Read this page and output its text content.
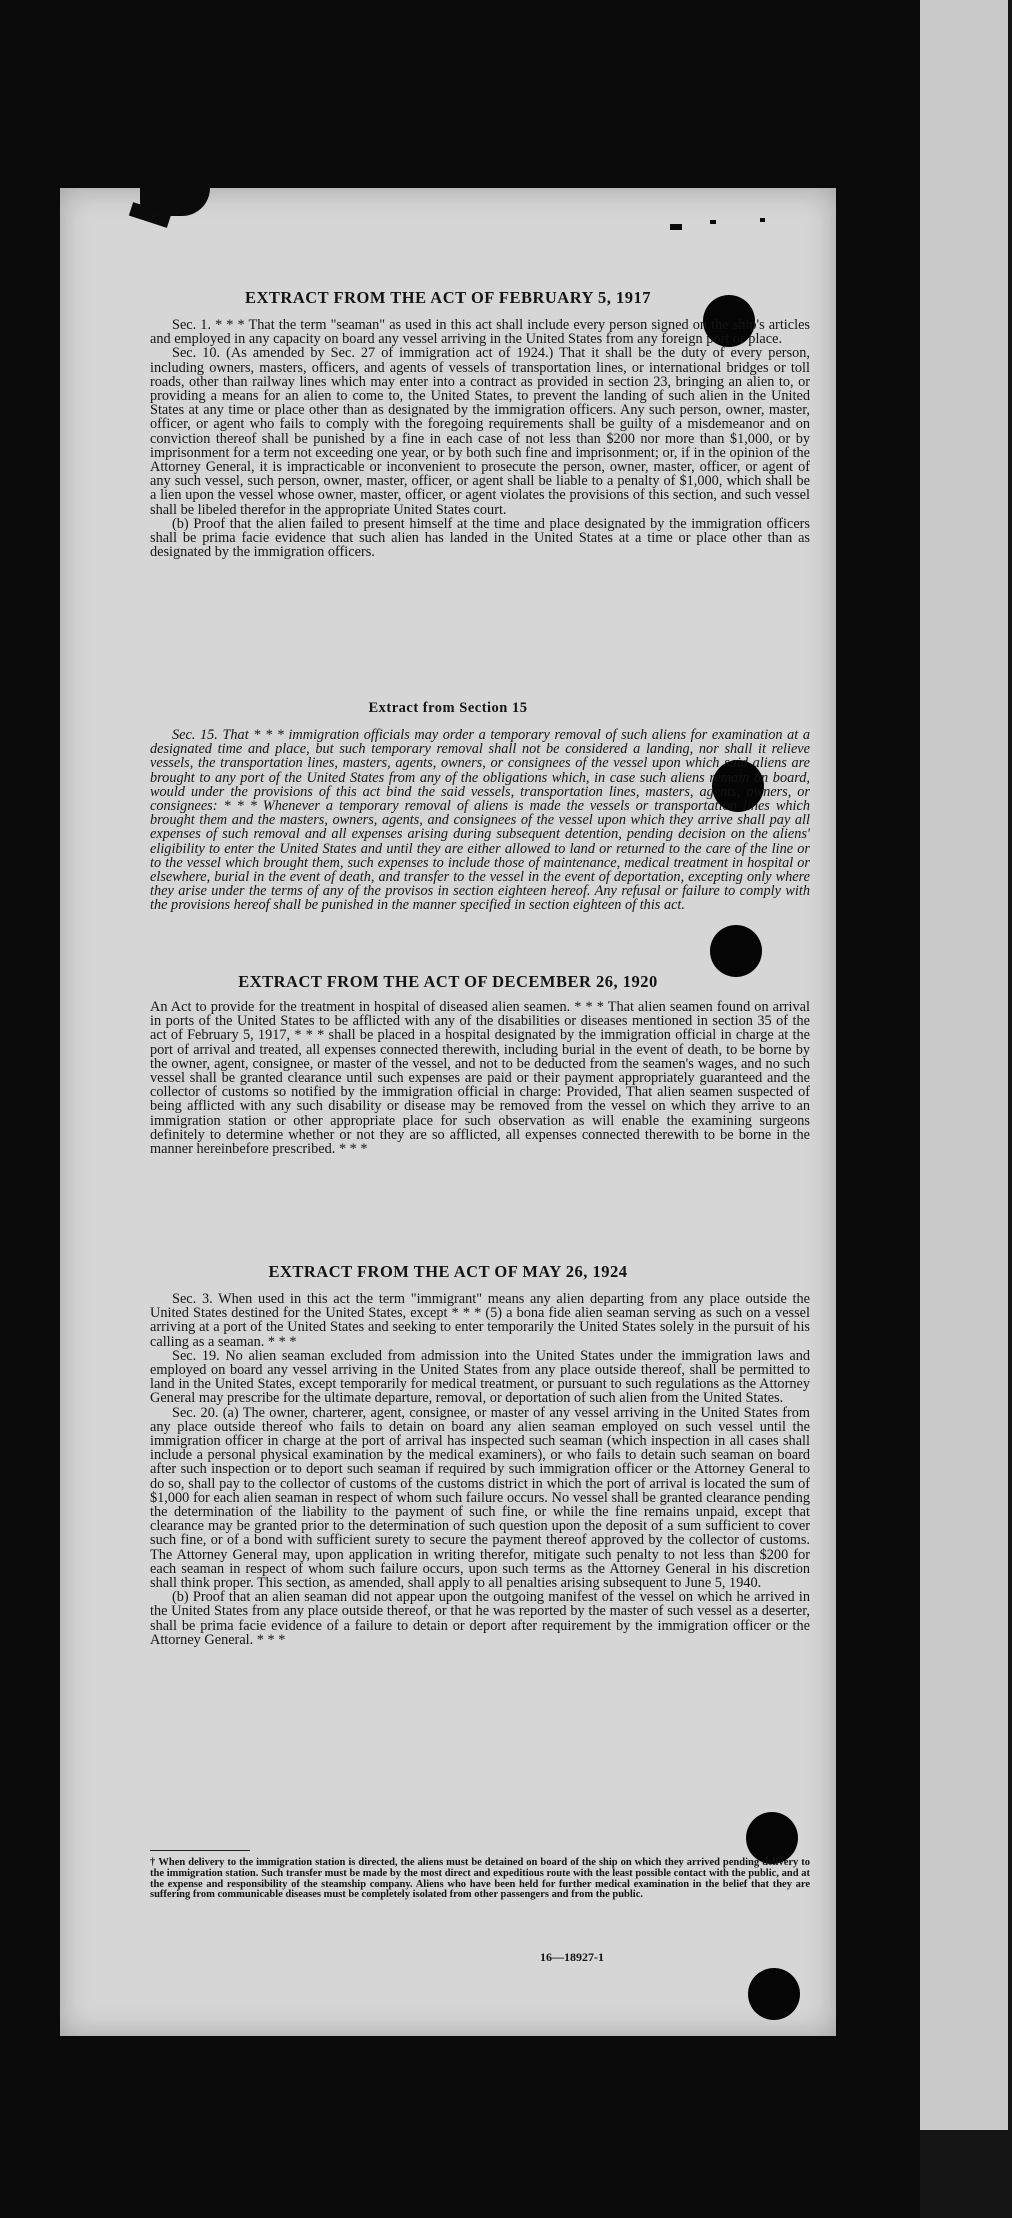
EXTRACT FROM THE ACT OF FEBRUARY 5, 1917

Sec. 1. * * * That the term "seaman" as used in this act shall include every person signed on the ship's articles and employed in any capacity on board any vessel arriving in the United States from any foreign port or place.

Sec. 10. (As amended by Sec. 27 of immigration act of 1924.) That it shall be the duty of every person, including owners, masters, officers, and agents of vessels of transportation lines, or international bridges or toll roads, other than railway lines which may enter into a contract as provided in section 23, bringing an alien to, or providing a means for an alien to come to, the United States, to prevent the landing of such alien in the United States at any time or place other than as designated by the immigration officers. Any such person, owner, master, officer, or agent who fails to comply with the foregoing requirements shall be guilty of a misdemeanor and on conviction thereof shall be punished by a fine in each case of not less than $200 nor more than $1,000, or by imprisonment for a term not exceeding one year, or by both such fine and imprisonment; or, if in the opinion of the Attorney General, it is impracticable or inconvenient to prosecute the person, owner, master, officer, or agent of any such vessel, such person, owner, master, officer, or agent shall be liable to a penalty of $1,000, which shall be a lien upon the vessel whose owner, master, officer, or agent violates the provisions of this section, and such vessel shall be libeled therefor in the appropriate United States court.

(b) Proof that the alien failed to present himself at the time and place designated by the immigration officers shall be prima facie evidence that such alien has landed in the United States at a time or place other than as designated by the immigration officers.

Extract from Section 15

Sec. 15. That * * * immigration officials may order a temporary removal of such aliens for examination at a designated time and place, but such temporary removal shall not be considered a landing, nor shall it relieve vessels, the transportation lines, masters, agents, owners, or consignees of the vessel upon which said aliens are brought to any port of the United States from any of the obligations which, in case such aliens remain on board, would under the provisions of this act bind the said vessels, transportation lines, masters, agents, owners, or consignees: * * * Whenever a temporary removal of aliens is made the vessels or transportation lines which brought them and the masters, owners, agents, and consignees of the vessel upon which they arrive shall pay all expenses of such removal and all expenses arising during subsequent detention, pending decision on the aliens' eligibility to enter the United States and until they are either allowed to land or returned to the care of the line or to the vessel which brought them, such expenses to include those of maintenance, medical treatment in hospital or elsewhere, burial in the event of death, and transfer to the vessel in the event of deportation, excepting only where they arise under the terms of any of the provisos in section eighteen hereof. Any refusal or failure to comply with the provisions hereof shall be punished in the manner specified in section eighteen of this act.

EXTRACT FROM THE ACT OF DECEMBER 26, 1920

An Act to provide for the treatment in hospital of diseased alien seamen. * * * That alien seamen found on arrival in ports of the United States to be afflicted with any of the disabilities or diseases mentioned in section 35 of the act of February 5, 1917, * * * shall be placed in a hospital designated by the immigration official in charge at the port of arrival and treated, all expenses connected therewith, including burial in the event of death, to be borne by the owner, agent, consignee, or master of the vessel, and not to be deducted from the seamen's wages, and no such vessel shall be granted clearance until such expenses are paid or their payment appropriately guaranteed and the collector of customs so notified by the immigration official in charge: Provided, That alien seamen suspected of being afflicted with any such disability or disease may be removed from the vessel on which they arrive to an immigration station or other appropriate place for such observation as will enable the examining surgeons definitely to determine whether or not they are so afflicted, all expenses connected therewith to be borne in the manner hereinbefore prescribed. * * *

EXTRACT FROM THE ACT OF MAY 26, 1924

Sec. 3. When used in this act the term "immigrant" means any alien departing from any place outside the United States destined for the United States, except * * * (5) a bona fide alien seaman serving as such on a vessel arriving at a port of the United States and seeking to enter temporarily the United States solely in the pursuit of his calling as a seaman. * * *

Sec. 19. No alien seaman excluded from admission into the United States under the immigration laws and employed on board any vessel arriving in the United States from any place outside thereof, shall be permitted to land in the United States, except temporarily for medical treatment, or pursuant to such regulations as the Attorney General may prescribe for the ultimate departure, removal, or deportation of such alien from the United States.

Sec. 20. (a) The owner, charterer, agent, consignee, or master of any vessel arriving in the United States from any place outside thereof who fails to detain on board any alien seaman employed on such vessel until the immigration officer in charge at the port of arrival has inspected such seaman (which inspection in all cases shall include a personal physical examination by the medical examiners), or who fails to detain such seaman on board after such inspection or to deport such seaman if required by such immigration officer or the Attorney General to do so, shall pay to the collector of customs of the customs district in which the port of arrival is located the sum of $1,000 for each alien seaman in respect of whom such failure occurs. No vessel shall be granted clearance pending the determination of the liability to the payment of such fine, or while the fine remains unpaid, except that clearance may be granted prior to the determination of such question upon the deposit of a sum sufficient to cover such fine, or of a bond with sufficient surety to secure the payment thereof approved by the collector of customs. The Attorney General may, upon application in writing therefor, mitigate such penalty to not less than $200 for each seaman in respect of whom such failure occurs, upon such terms as the Attorney General in his discretion shall think proper. This section, as amended, shall apply to all penalties arising subsequent to June 5, 1940.

(b) Proof that an alien seaman did not appear upon the outgoing manifest of the vessel on which he arrived in the United States from any place outside thereof, or that he was reported by the master of such vessel as a deserter, shall be prima facie evidence of a failure to detain or deport after requirement by the immigration officer or the Attorney General. * * *

† When delivery to the immigration station is directed, the aliens must be detained on board of the ship on which they arrived pending delivery to the immigration station. Such transfer must be made by the most direct and expeditious route with the least possible contact with the public, and at the expense and responsibility of the steamship company. Aliens who have been held for further medical examination in the belief that they are suffering from communicable diseases must be completely isolated from other passengers and from the public.
16—18927-1
